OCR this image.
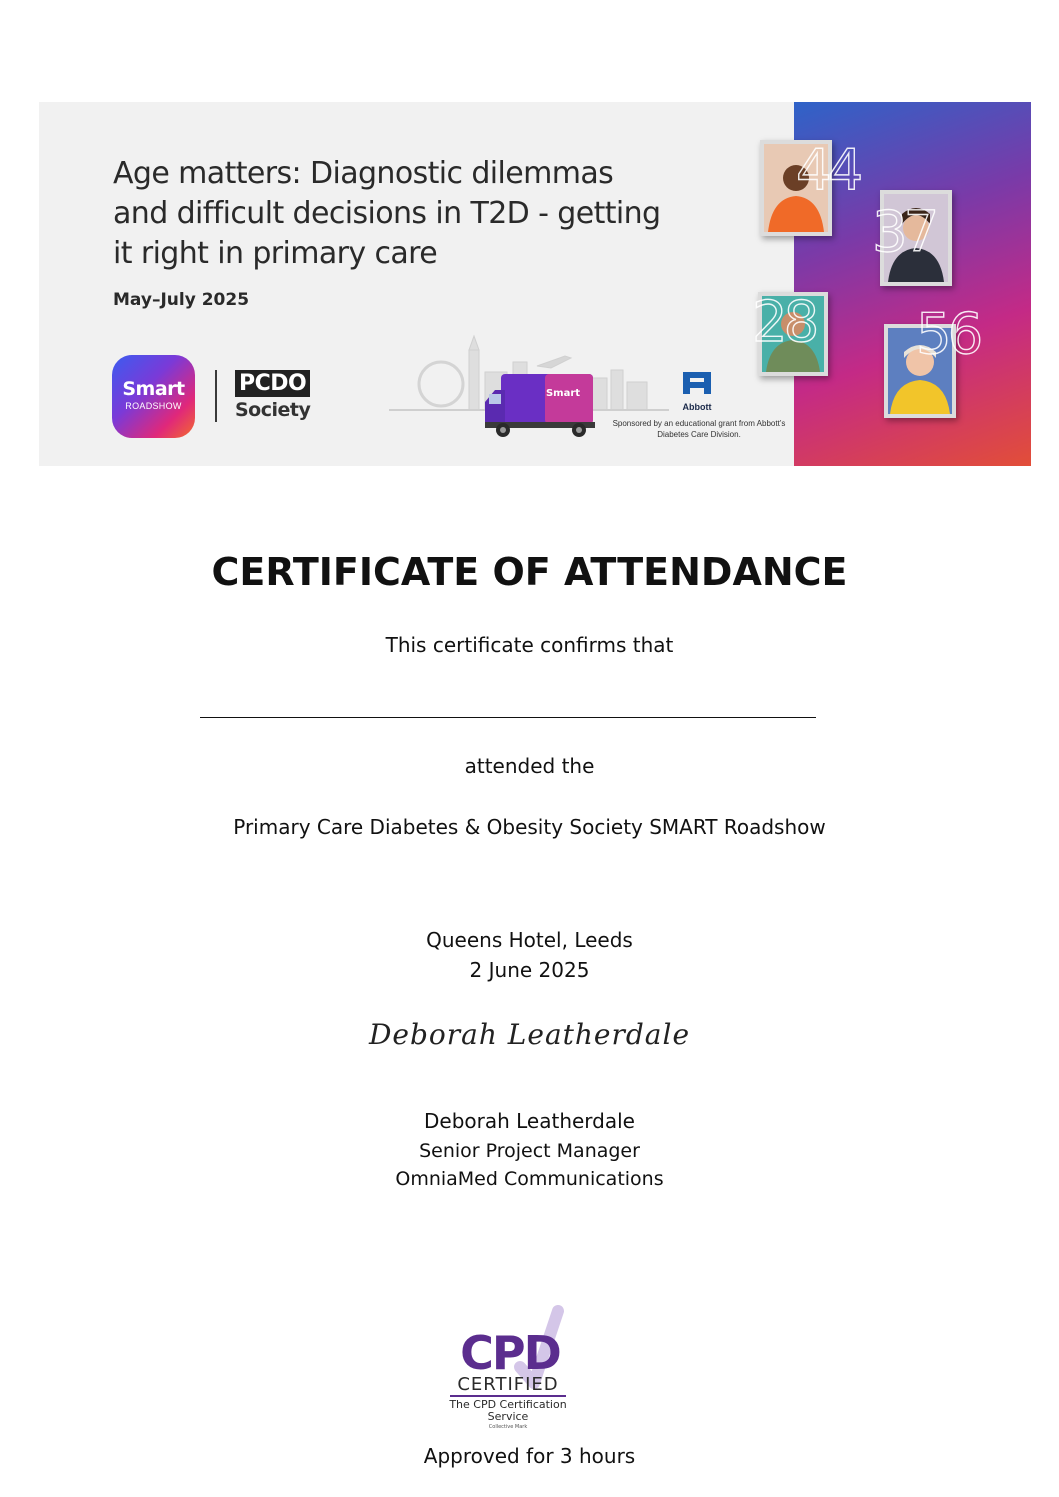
Age matters: Diagnostic dilemmas and difficult decisions in T2D - getting it right in primary care
May–July 2025
Smart
ROADSHOW
PCDO
Society
Smart
Abbott
Sponsored by an educational grant from Abbott’s Diabetes Care Division.
44
37
28 56
CERTIFICATE OF ATTENDANCE
This certificate confirms that
attended the
Primary Care Diabetes & Obesity Society SMART Roadshow
Queens Hotel, Leeds
2 June 2025
Deborah Leatherdale
Deborah Leatherdale
Senior Project Manager
OmniaMed Communications
CPD
CERTIFIED
The CPD Certification
Service
Collective Mark
Approved for 3 hours
